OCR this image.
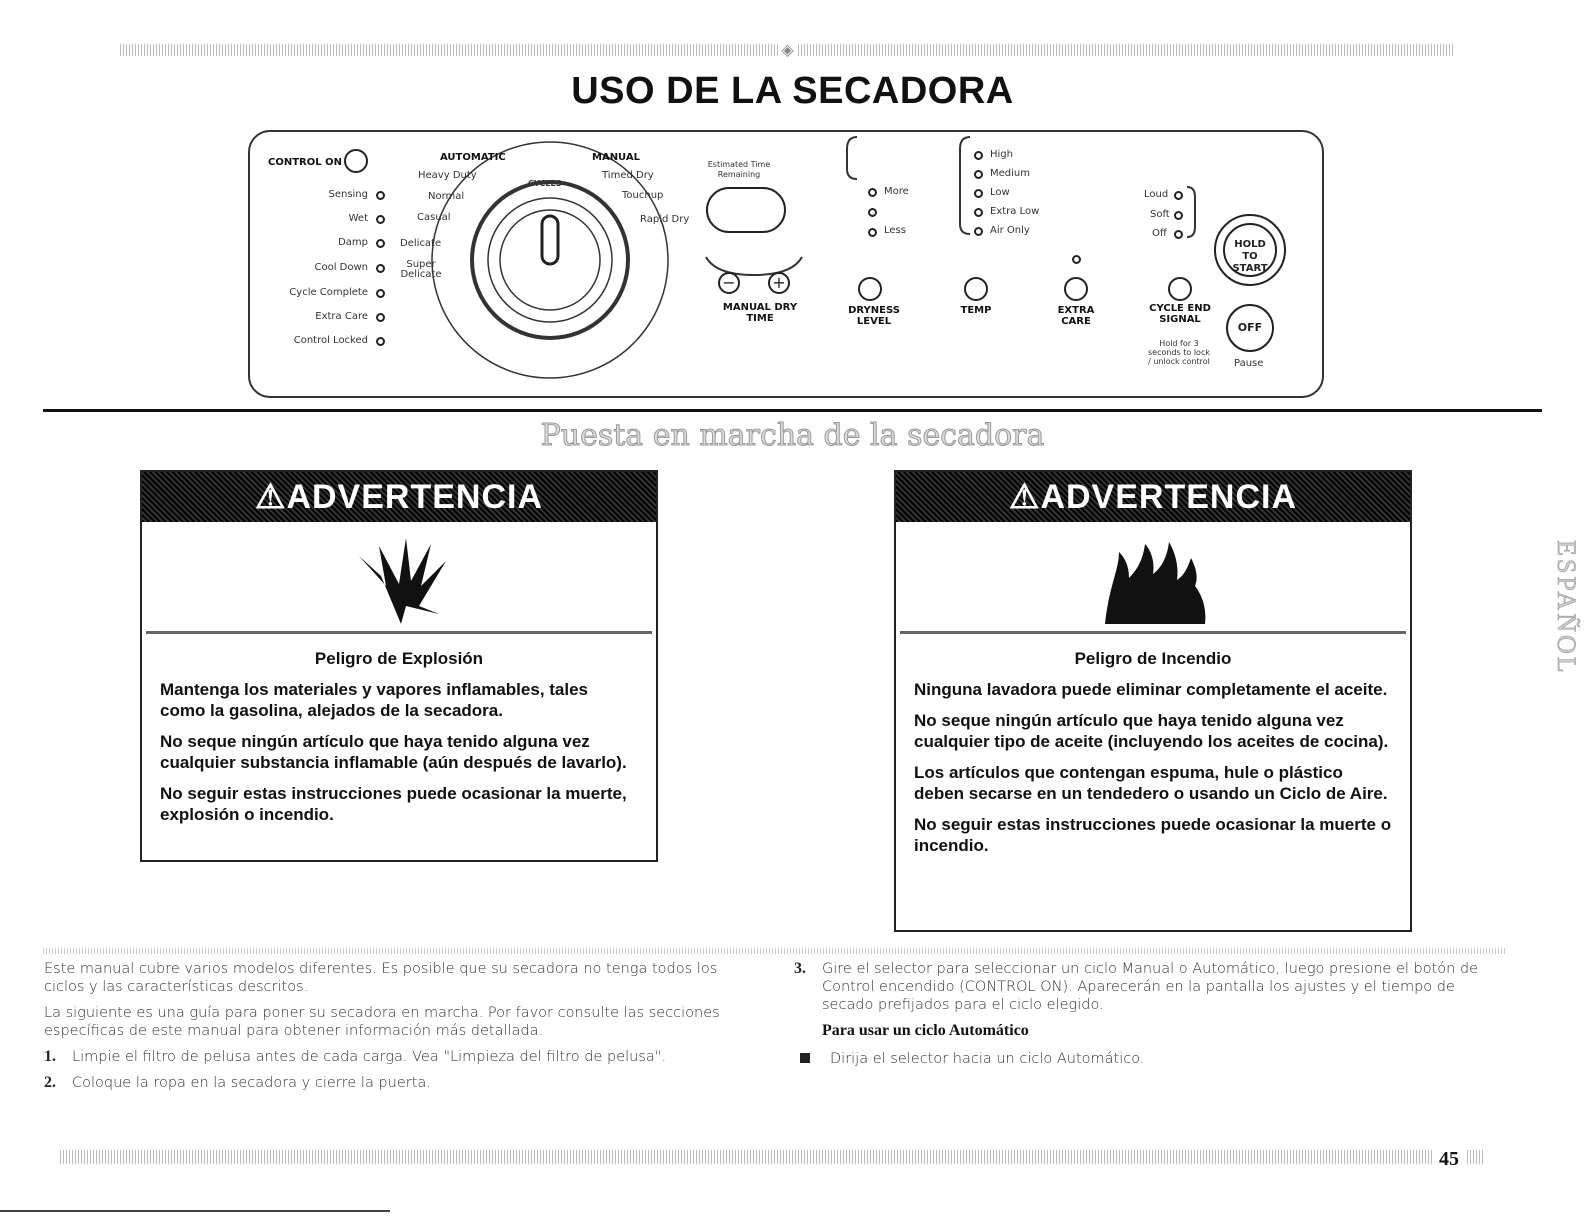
◈
USO DE LA SECADORA
CONTROL ON
Sensing
Wet
Damp
Cool Down
Cycle Complete
Extra Care
Control Locked
AUTOMATIC	MANUAL
CYCLES
Heavy Duty
Normal
Casual
Delicate
Super Delicate
Timed Dry
Touchup
Rapid Dry
Estimated Time Remaining
− +
MANUAL DRY TIME
More
Less
DRYNESS LEVEL
High
Medium
Low
Extra Low
Air Only
TEMP	EXTRA CARE
Loud
Soft
Off
CYCLE END SIGNAL
Hold for 3 seconds to lock / unlock control
HOLD TO START
OFF
Pause
Puesta en marcha de la secadora
⚠ADVERTENCIA
Peligro de Explosión

Mantenga los materiales y vapores inflamables, tales como la gasolina, alejados de la secadora.

No seque ningún artículo que haya tenido alguna vez cualquier substancia inflamable (aún después de lavarlo).

No seguir estas instrucciones puede ocasionar la muerte, explosión o incendio.

⚠ADVERTENCIA
Peligro de Incendio

Ninguna lavadora puede eliminar completamente el aceite.

No seque ningún artículo que haya tenido alguna vez cualquier tipo de aceite (incluyendo los aceites de cocina).

Los artículos que contengan espuma, hule o plástico deben secarse en un tendedero o usando un Ciclo de Aire.

No seguir estas instrucciones puede ocasionar la muerte o incendio.

ESPAÑOL

Este manual cubre varios modelos diferentes. Es posible que su secadora no tenga todos los ciclos y las características descritos.

La siguiente es una guía para poner su secadora en marcha. Por favor consulte las secciones específicas de este manual para obtener información más detallada.

1. Limpie el filtro de pelusa antes de cada carga. Vea "Limpieza del filtro de pelusa".

2. Coloque la ropa en la secadora y cierre la puerta.

3.	Gire el selector para seleccionar un ciclo Manual o Automático, luego presione el botón de Control encendido (CONTROL ON). Aparecerán en la pantalla los ajustes y el tiempo de secado prefijados para el ciclo elegido.

Para usar un ciclo Automático

Dirija el selector hacia un ciclo Automático.

45
